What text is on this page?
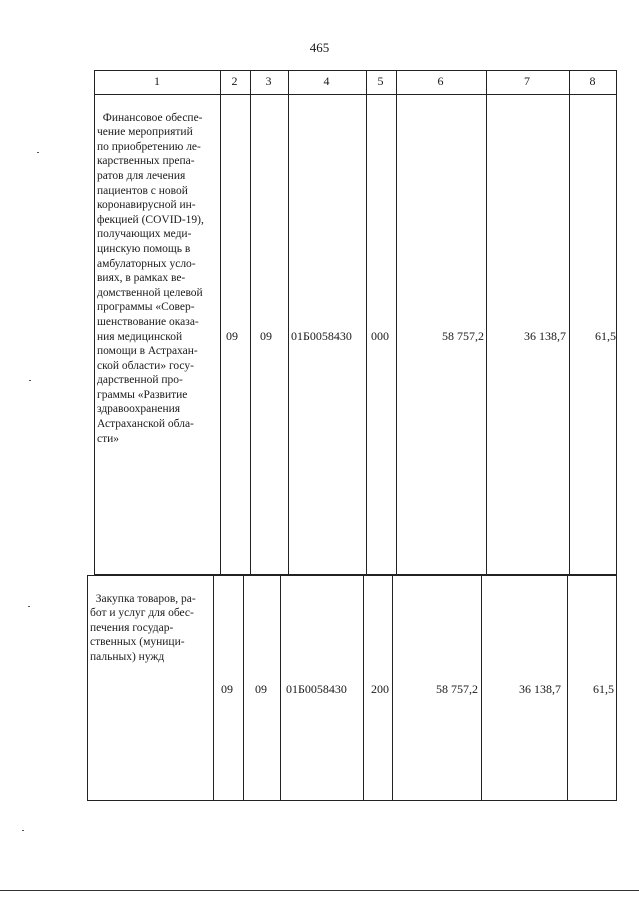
465
1	2	3	4	5	6	7	8

Финансовое обеспе-
чение мероприятий
по приобретению ле-
карственных препа-
ратов для лечения
пациентов с новой
коронавирусной ин-
фекцией (COVID-19),
получающих меди-
цинскую помощь в
амбулаторных усло-
виях, в рамках ве-
домственной целевой
программы «Совер-
шенствование оказа-
ния медицинской
помощи в Астрахан-
ской области» госу-
дарственной про-
граммы «Развитие
здравоохранения
Астраханской обла-
сти»

09 09 01Б0058430 000	58 757,2	36 138,7	61,5

Закупка товаров, ра-
бот и услуг для обес-
печения государ-
ственных (муници-
пальных) нужд

09 09 01Б0058430	200	58 757,2	36 138,7	61,5
